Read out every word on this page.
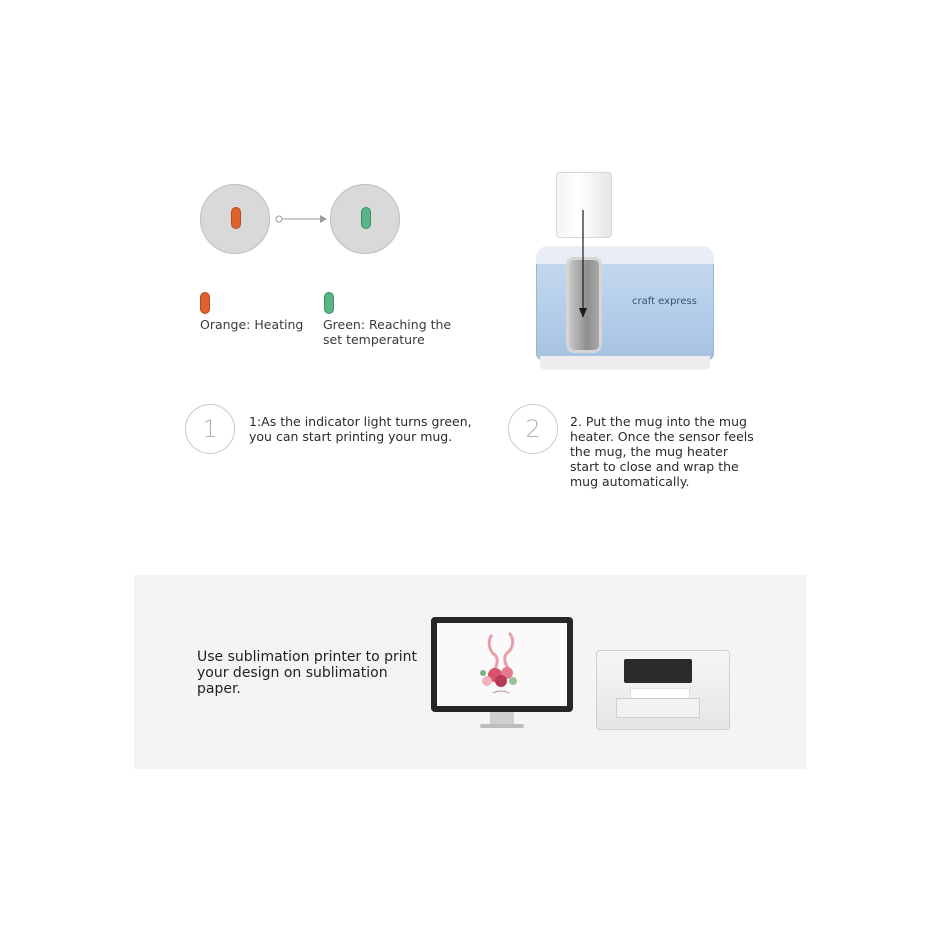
Orange: Heating Green: Reaching the
set temperature
craft express
1	1:As the indicator light turns green,
you can start printing your mug.	2	2. Put the mug into the mug
heater. Once the sensor feels
the mug, the mug heater
start to close and wrap the
mug automatically.
Use sublimation printer to print
your design on sublimation
paper.
